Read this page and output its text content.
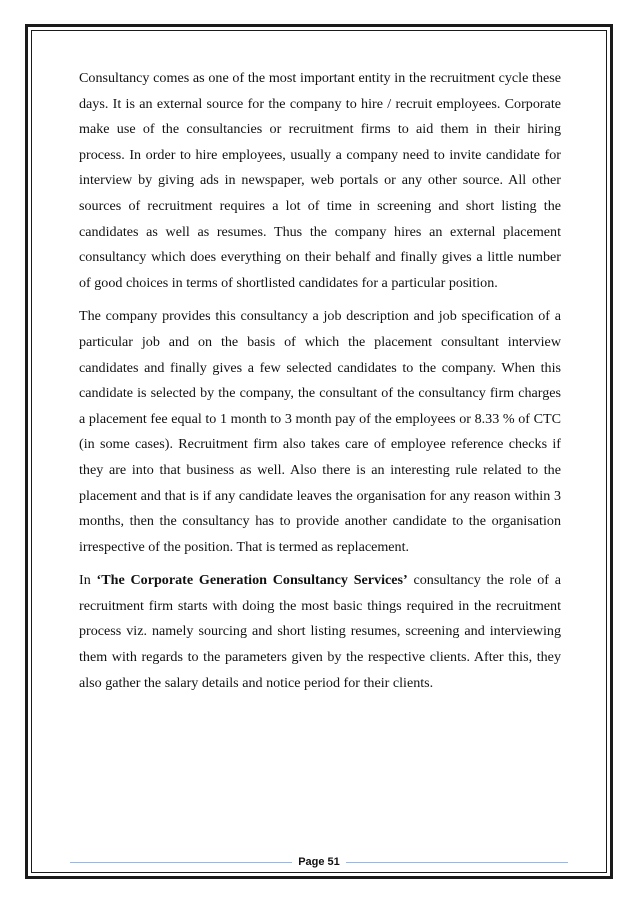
Consultancy comes as one of the most important entity in the recruitment cycle these days. It is an external source for the company to hire / recruit employees. Corporate make use of the consultancies or recruitment firms to aid them in their hiring process. In order to hire employees, usually a company need to invite candidate for interview by giving ads in newspaper, web portals or any other source. All other sources of recruitment requires a lot of time in screening and short listing the candidates as well as resumes. Thus the company hires an external placement consultancy which does everything on their behalf and finally gives a little number of good choices in terms of shortlisted candidates for a particular position.

The company provides this consultancy a job description and job specification of a particular job and on the basis of which the placement consultant interview candidates and finally gives a few selected candidates to the company. When this candidate is selected by the company, the consultant of the consultancy firm charges a placement fee equal to 1 month to 3 month pay of the employees or 8.33 % of CTC (in some cases). Recruitment firm also takes care of employee reference checks if they are into that business as well. Also there is an interesting rule related to the placement and that is if any candidate leaves the organisation for any reason within 3 months, then the consultancy has to provide another candidate to the organisation irrespective of the position. That is termed as replacement.

In ‘The Corporate Generation Consultancy Services’ consultancy the role of a recruitment firm starts with doing the most basic things required in the recruitment process viz. namely sourcing and short listing resumes, screening and interviewing them with regards to the parameters given by the respective clients. After this, they also gather the salary details and notice period for their clients.

Page 51
